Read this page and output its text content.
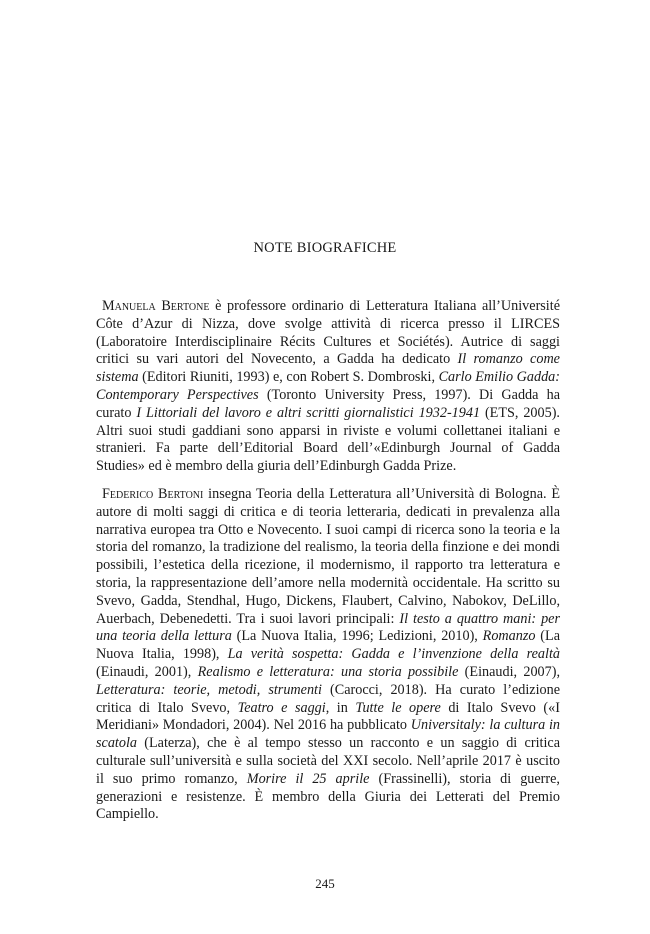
NOTE BIOGRAFICHE

Manuela Bertone è professore ordinario di Letteratura Italiana all’Université Côte d’Azur di Nizza, dove svolge attività di ricerca presso il LIRCES (Laboratoire Interdisciplinaire Récits Cultures et Sociétés). Autrice di saggi critici su vari autori del Novecento, a Gadda ha dedicato Il romanzo come sistema (Editori Riuniti, 1993) e, con Robert S. Dombroski, Carlo Emilio Gadda: Contemporary Perspectives (Toronto University Press, 1997). Di Gadda ha curato I Littoriali del lavoro e altri scritti giornalistici 1932-1941 (ETS, 2005). Altri suoi studi gaddiani sono apparsi in riviste e volumi collettanei italiani e stranieri. Fa parte dell’Editorial Board dell’«Edinburgh Journal of Gadda Studies» ed è membro della giuria dell’Edinburgh Gadda Prize.

Federico Bertoni insegna Teoria della Letteratura all’Università di Bologna. È autore di molti saggi di critica e di teoria letteraria, dedicati in prevalenza alla narrativa europea tra Otto e Novecento. I suoi campi di ricerca sono la teoria e la storia del romanzo, la tradizione del realismo, la teoria della finzione e dei mondi possibili, l’estetica della ricezione, il modernismo, il rapporto tra letteratura e storia, la rappresentazione dell’amore nella modernità occidentale. Ha scritto su Svevo, Gadda, Stendhal, Hugo, Dickens, Flaubert, Calvino, Nabokov, DeLillo, Auerbach, Debenedetti. Tra i suoi lavori principali: Il testo a quattro mani: per una teoria della lettura (La Nuova Italia, 1996; Ledizioni, 2010), Romanzo (La Nuova Italia, 1998), La verità sospetta: Gadda e l’invenzione della realtà (Einaudi, 2001), Realismo e letteratura: una storia possibile (Einaudi, 2007), Letteratura: teorie, metodi, strumenti (Carocci, 2018). Ha curato l’edizione critica di Italo Svevo, Teatro e saggi, in Tutte le opere di Italo Svevo («I Meridiani» Mondadori, 2004). Nel 2016 ha pubblicato Universitaly: la cultura in scatola (Laterza), che è al tempo stesso un racconto e un saggio di critica culturale sull’università e sulla società del XXI secolo. Nell’aprile 2017 è uscito il suo primo romanzo, Morire il 25 aprile (Frassinelli), storia di guerre, generazioni e resistenze. È membro della Giuria dei Letterati del Premio Campiello.

245
